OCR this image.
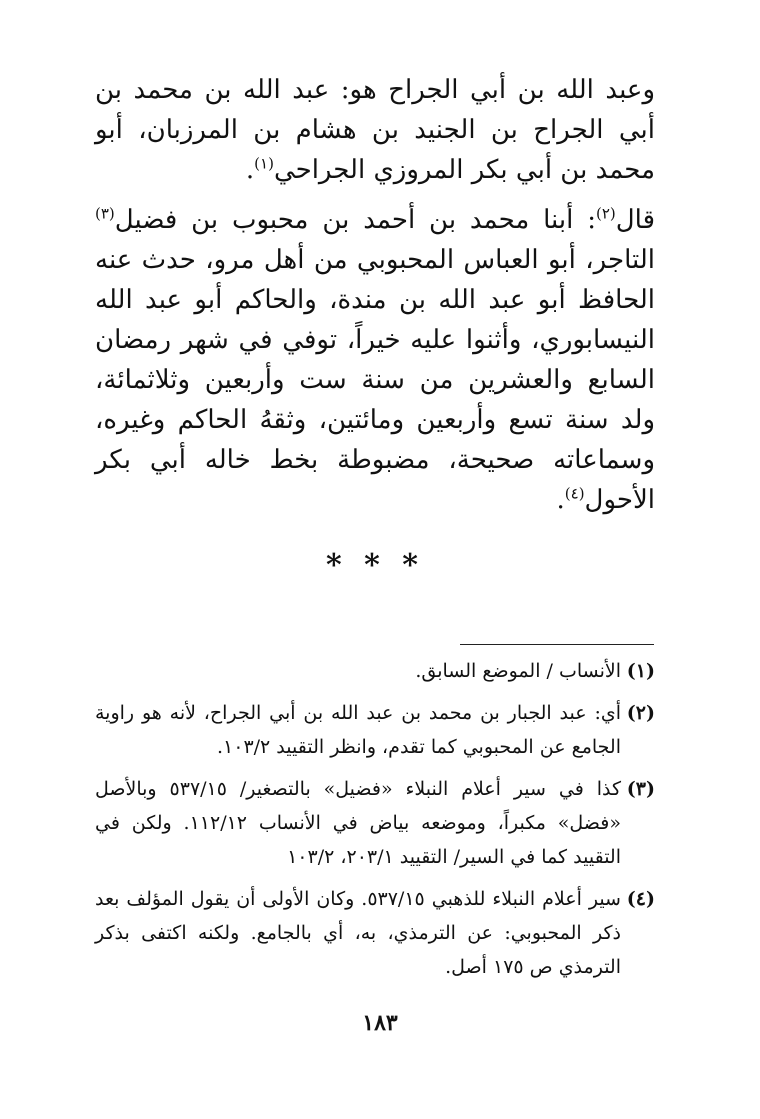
وعبد الله بن أبي الجراح هو: عبد الله بن محمد بن أبي الجراح بن الجنيد بن هشام بن المرزبان، أبو محمد بن أبي بكر المروزي الجراحي$^{(١)}$.

قال$^{(٢)}$: أبنا محمد بن أحمد بن محبوب بن فضيل$^{(٣)}$ التاجر، أبو العباس المحبوبي من أهل مرو، حدث عنه الحافظ أبو عبد الله بن مندة، والحاكم أبو عبد الله النيسابوري، وأثنوا عليه خيراً، توفي في شهر رمضان السابع والعشرين من سنة ست وأربعين وثلاثمائة، ولد سنة تسع وأربعين ومائتين، وثقهُ الحاكم وغيره، وسماعاته صحيحة، مضبوطة بخط خاله أبي بكر الأحول$^{(٤)}$.

* * *
(١)
الأنساب / الموضع السابق.
(٢)
أي: عبد الجبار بن محمد بن عبد الله بن أبي الجراح، لأنه هو راوية الجامع عن المحبوبي كما تقدم، وانظر التقييد ١٠٣/٢.
(٣)
كذا في سير أعلام النبلاء «فضيل» بالتصغير/ ٥٣٧/١٥ وبالأصل «فضل» مكبراً، وموضعه بياض في الأنساب ١١٢/١٢. ولكن في التقييد كما في السير/ التقييد ٢٠٣/١، ١٠٣/٢
(٤)
سير أعلام النبلاء للذهبي ٥٣٧/١٥. وكان الأولى أن يقول المؤلف بعد ذكر المحبوبي: عن الترمذي، به، أي بالجامع. ولكنه اكتفى بذكر الترمذي ص ١٧٥ أصل.
١٨٣
